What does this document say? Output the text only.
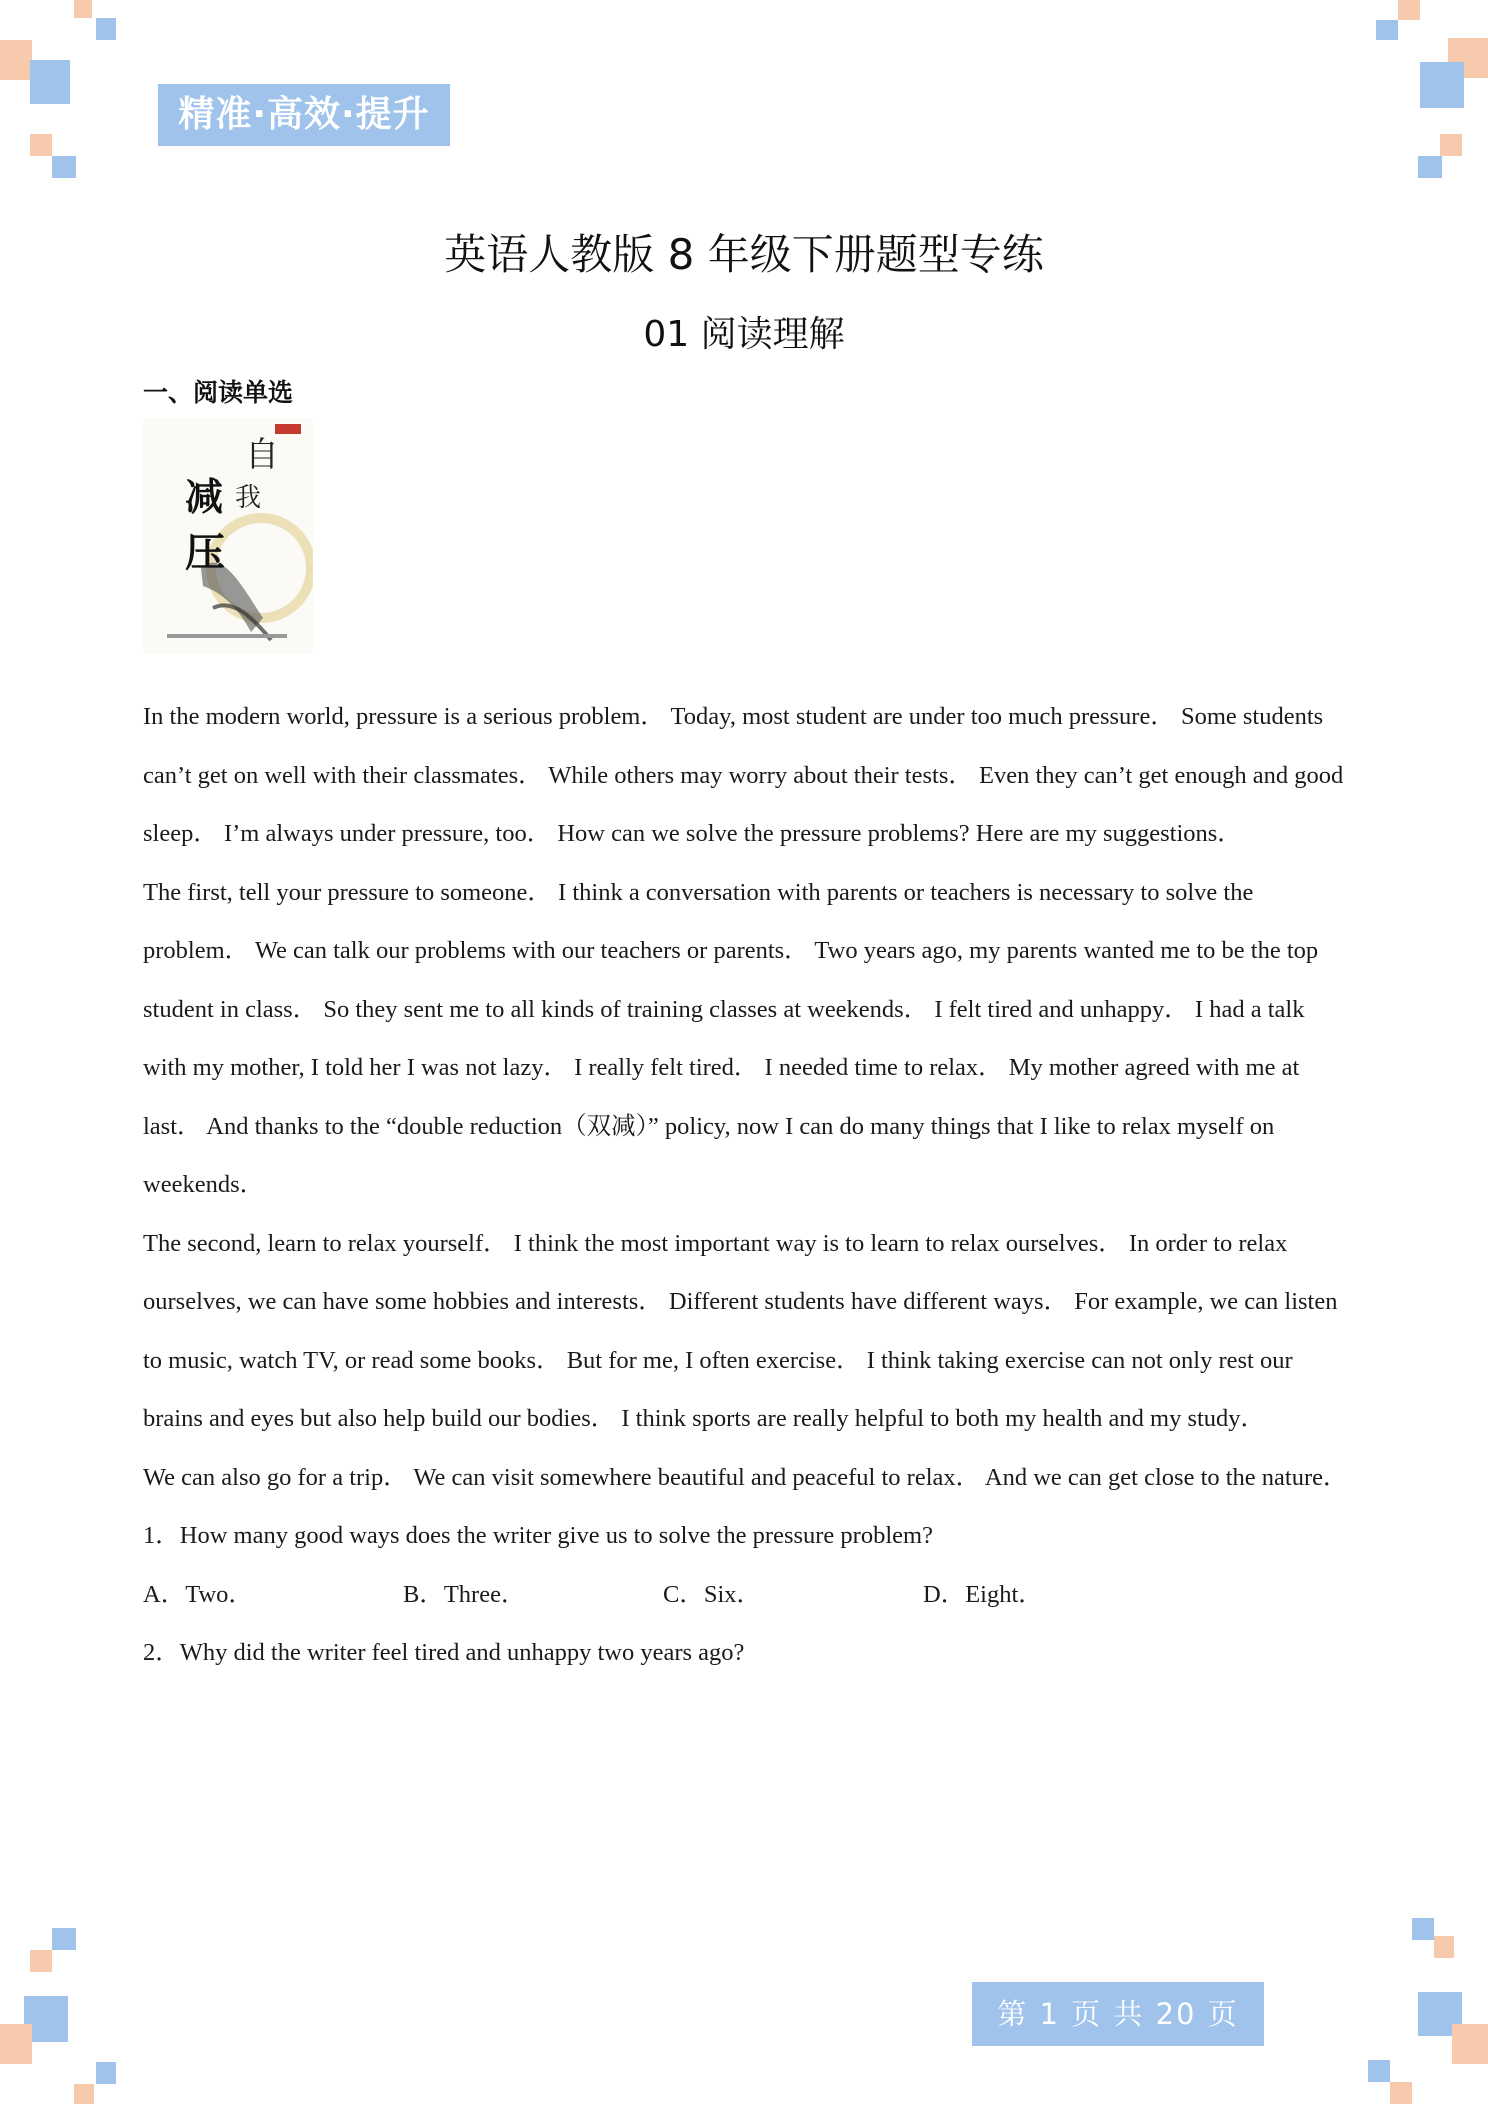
精准·高效·提升
英语人教版 8 年级下册题型专练
01 阅读理解
一、阅读单选
自
我
减
压

In the modern world, pressure is a serious problem． Today, most student are under too much pressure． Some students can’t get on well with their classmates． While others may worry about their tests． Even they can’t get enough and good sleep． I’m always under pressure, too． How can we solve the pressure problems? Here are my suggestions．

The first, tell your pressure to someone． I think a conversation with parents or teachers is necessary to solve the problem． We can talk our problems with our teachers or parents． Two years ago, my parents wanted me to be the top student in class． So they sent me to all kinds of training classes at weekends． I felt tired and unhappy． I had a talk with my mother, I told her I was not lazy． I really felt tired． I needed time to relax． My mother agreed with me at last． And thanks to the “double reduction（双减）” policy, now I can do many things that I like to relax myself on weekends．

The second, learn to relax yourself． I think the most important way is to learn to relax ourselves． In order to relax ourselves, we can have some hobbies and interests． Different students have different ways． For example, we can listen to music, watch TV, or read some books． But for me, I often exercise． I think taking exercise can not only rest our brains and eyes but also help build our bodies． I think sports are really helpful to both my health and my study．

We can also go for a trip． We can visit somewhere beautiful and peaceful to relax． And we can get close to the nature．

1．How many good ways does the writer give us to solve the pressure problem?

A．Two．	B．Three．	C．Six．	D．Eight．

2．Why did the writer feel tired and unhappy two years ago?

第 1 页 共 20 页
